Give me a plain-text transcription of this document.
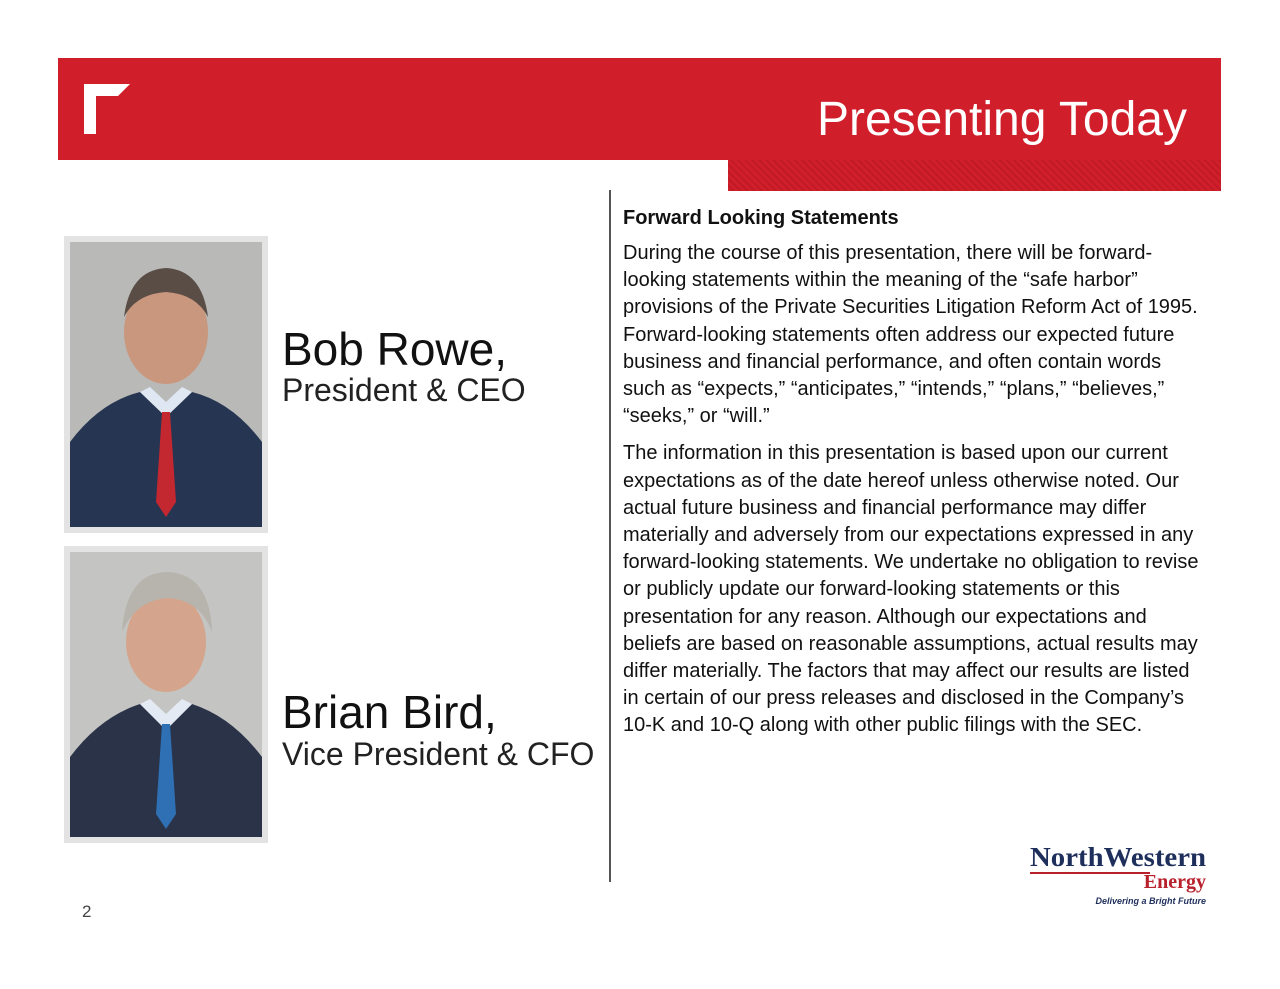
Presenting Today
Bob Rowe,

President & CEO

Brian Bird,

Vice President & CFO

Forward Looking Statements

During the course of this presentation, there will be forward-looking statements within the meaning of the “safe harbor” provisions of the Private Securities Litigation Reform Act of 1995. Forward-looking statements often address our expected future business and financial performance, and often contain words such as “expects,” “anticipates,” “intends,” “plans,” “believes,” “seeks,” or “will.”

The information in this presentation is based upon our current expectations as of the date hereof unless otherwise noted. Our actual future business and financial performance may differ materially and adversely from our expectations expressed in any forward-looking statements. We undertake no obligation to revise or publicly update our forward-looking statements or this presentation for any reason. Although our expectations and beliefs are based on reasonable assumptions, actual results may differ materially. The factors that may affect our results are listed in certain of our press releases and disclosed in the Company’s 10-K and 10-Q along with other public filings with the SEC.

NorthWestern
Energy
Delivering a Bright Future
2
